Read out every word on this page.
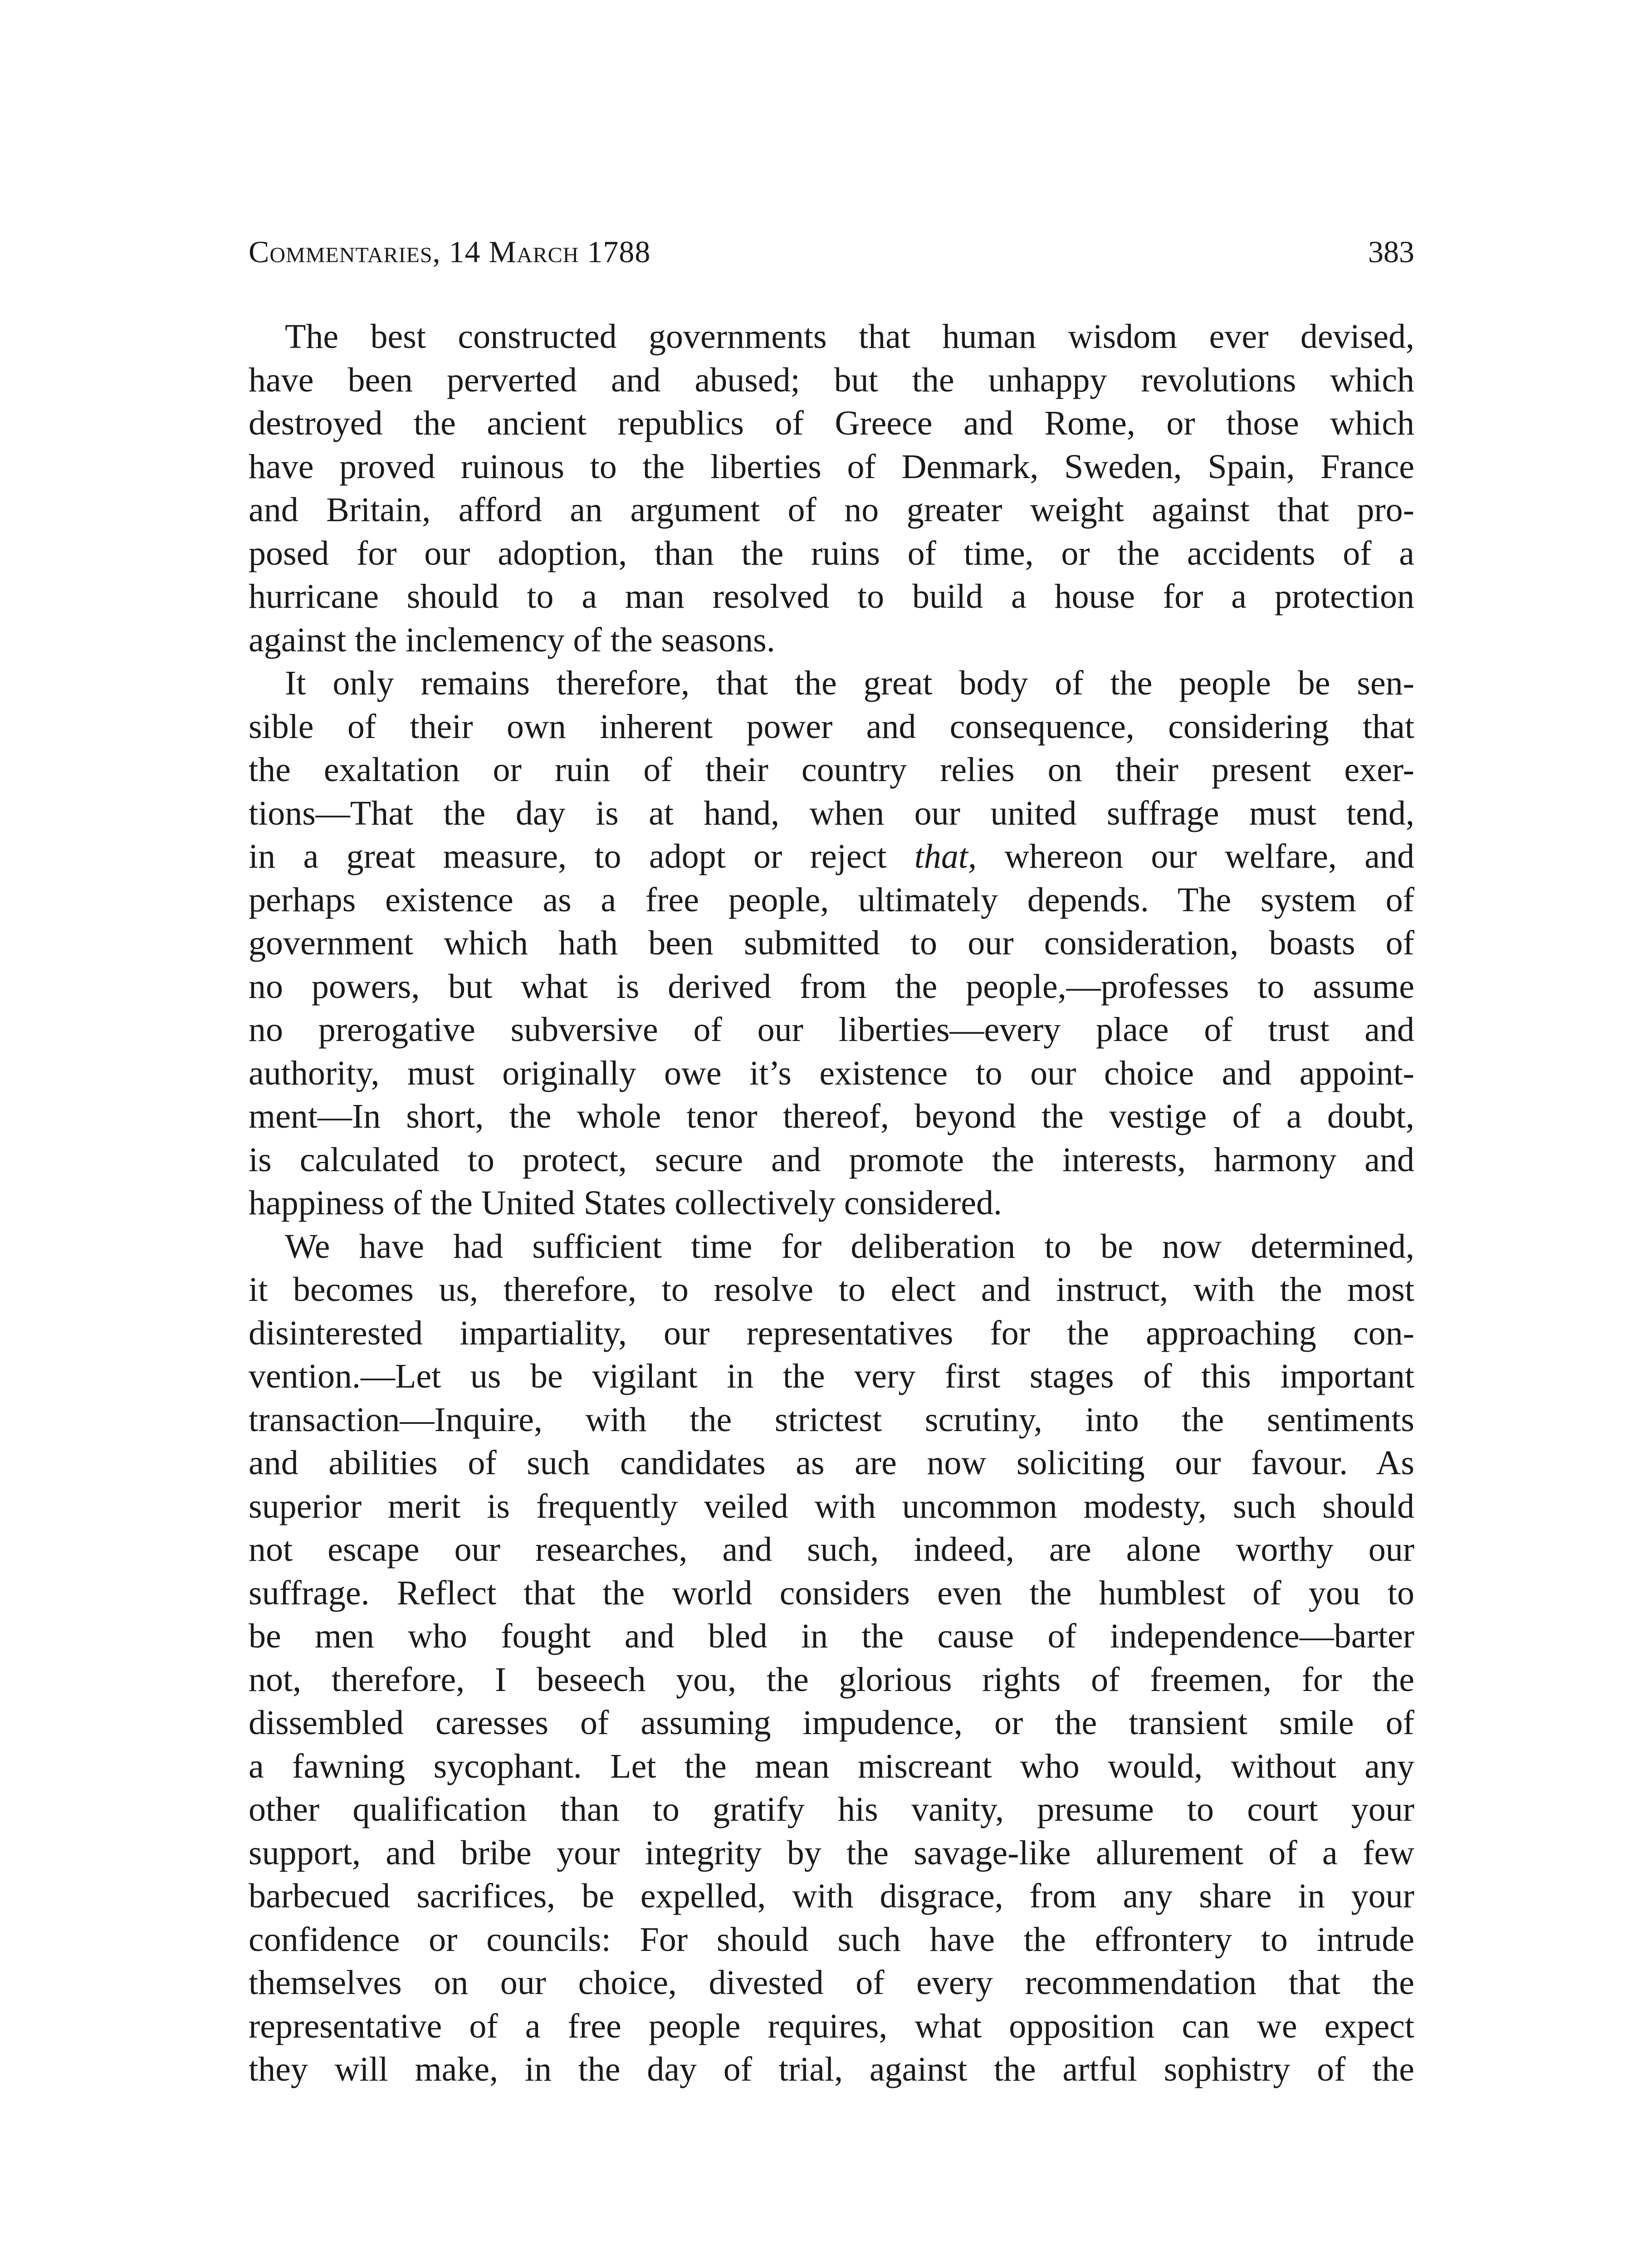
Commentaries, 14 March 1788	383
The best constructed governments that human wisdom ever devised,
have been perverted and abused; but the unhappy revolutions which
destroyed the ancient republics of Greece and Rome, or those which
have proved ruinous to the liberties of Denmark, Sweden, Spain, France
and Britain, afford an argument of no greater weight against that pro-
posed for our adoption, than the ruins of time, or the accidents of a
hurricane should to a man resolved to build a house for a protection
against the inclemency of the seasons.
It only remains therefore, that the great body of the people be sen-
sible of their own inherent power and consequence, considering that
the exaltation or ruin of their country relies on their present exer-
tions—That the day is at hand, when our united suffrage must tend,
in a great measure, to adopt or reject that, whereon our welfare, and
perhaps existence as a free people, ultimately depends. The system of
government which hath been submitted to our consideration, boasts of
no powers, but what is derived from the people,—professes to assume
no prerogative subversive of our liberties—every place of trust and
authority, must originally owe it’s existence to our choice and appoint-
ment—In short, the whole tenor thereof, beyond the vestige of a doubt,
is calculated to protect, secure and promote the interests, harmony and
happiness of the United States collectively considered.
We have had sufficient time for deliberation to be now determined,
it becomes us, therefore, to resolve to elect and instruct, with the most
disinterested impartiality, our representatives for the approaching con-
vention.—Let us be vigilant in the very first stages of this important
transaction—Inquire, with the strictest scrutiny, into the sentiments
and abilities of such candidates as are now soliciting our favour. As
superior merit is frequently veiled with uncommon modesty, such should
not escape our researches, and such, indeed, are alone worthy our
suffrage. Reflect that the world considers even the humblest of you to
be men who fought and bled in the cause of independence—barter
not, therefore, I beseech you, the glorious rights of freemen, for the
dissembled caresses of assuming impudence, or the transient smile of
a fawning sycophant. Let the mean miscreant who would, without any
other qualification than to gratify his vanity, presume to court your
support, and bribe your integrity by the savage-like allurement of a few
barbecued sacrifices, be expelled, with disgrace, from any share in your
confidence or councils: For should such have the effrontery to intrude
themselves on our choice, divested of every recommendation that the
representative of a free people requires, what opposition can we expect
they will make, in the day of trial, against the artful sophistry of the
